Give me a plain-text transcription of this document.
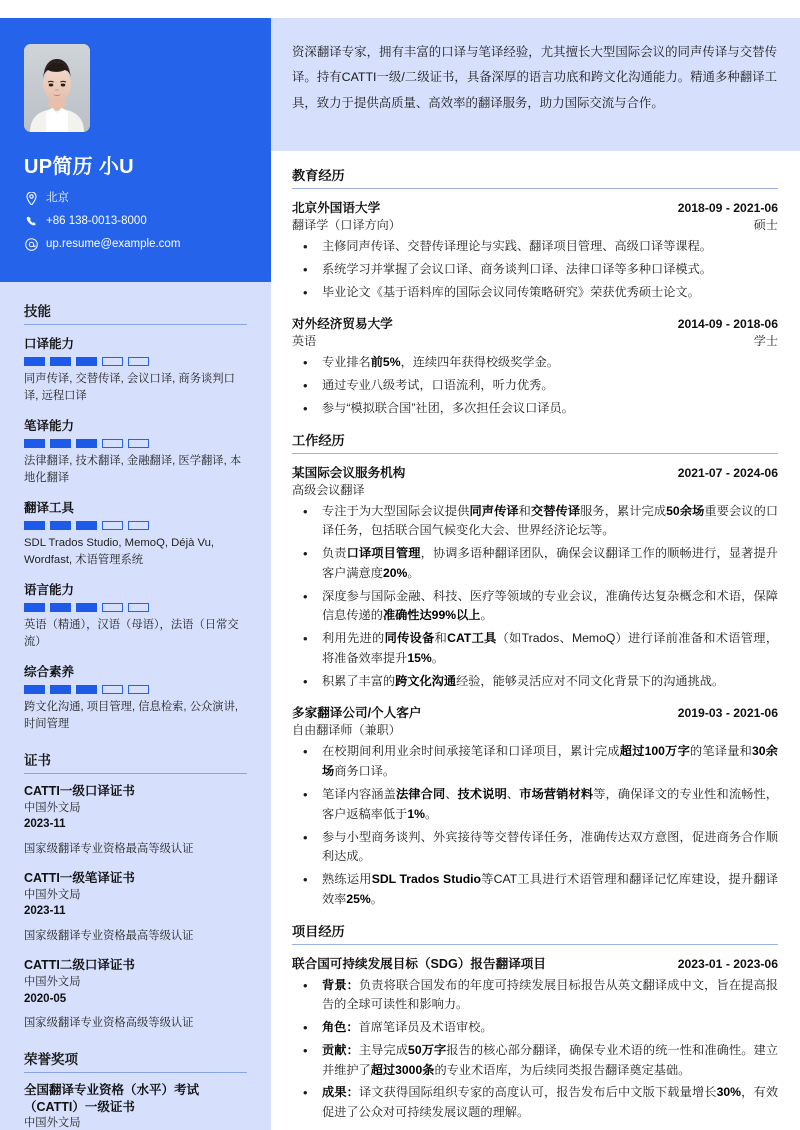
UP简历 小U
北京
+86 138-0013-8000
up.resume@example.com
技能
口译能力
同声传译, 交替传译, 会议口译, 商务谈判口译, 远程口译
笔译能力
法律翻译, 技术翻译, 金融翻译, 医学翻译, 本地化翻译
翻译工具
SDL Trados Studio, MemoQ, Déjà Vu, Wordfast, 术语管理系统
语言能力
英语（精通），汉语（母语），法语（日常交流）
综合素养
跨文化沟通, 项目管理, 信息检索, 公众演讲, 时间管理
证书
CATTI一级口译证书
中国外文局
2023-11
国家级翻译专业资格最高等级认证
CATTI一级笔译证书
中国外文局
2023-11
国家级翻译专业资格最高等级认证
CATTI二级口译证书
中国外文局
2020-05
国家级翻译专业资格高级等级认证
荣誉奖项
全国翻译专业资格（水平）考试（CATTI）一级证书
中国外文局
资深翻译专家，拥有丰富的口译与笔译经验，尤其擅长大型国际会议的同声传译与交替传译。持有CATTI一级/二级证书，具备深厚的语言功底和跨文化沟通能力。精通多种翻译工具，致力于提供高质量、高效率的翻译服务，助力国际交流与合作。
教育经历
北京外国语大学	2018-09 - 2021-06
翻译学（口译方向）	硕士
• 主修同声传译、交替传译理论与实践、翻译项目管理、高级口译等课程。
• 系统学习并掌握了会议口译、商务谈判口译、法律口译等多种口译模式。
• 毕业论文《基于语料库的国际会议同传策略研究》荣获优秀硕士论文。
对外经济贸易大学	2014-09 - 2018-06
英语	学士
• 专业排名前5%，连续四年获得校级奖学金。
• 通过专业八级考试，口语流利，听力优秀。
• 参与“模拟联合国”社团，多次担任会议口译员。
工作经历
某国际会议服务机构	2021-07 - 2024-06
高级会议翻译
• 专注于为大型国际会议提供同声传译和交替传译服务，累计完成50余场重要会议的口译任务，包括联合国气候变化大会、世界经济论坛等。
• 负责口译项目管理，协调多语种翻译团队，确保会议翻译工作的顺畅进行，显著提升客户满意度20%。
• 深度参与国际金融、科技、医疗等领域的专业会议，准确传达复杂概念和术语，保障信息传递的准确性达99%以上。
• 利用先进的同传设备和CAT工具（如Trados、MemoQ）进行译前准备和术语管理，将准备效率提升15%。
• 积累了丰富的跨文化沟通经验，能够灵活应对不同文化背景下的沟通挑战。
多家翻译公司/个人客户	2019-03 - 2021-06
自由翻译师（兼职）
• 在校期间利用业余时间承接笔译和口译项目，累计完成超过100万字的笔译量和30余场商务口译。
• 笔译内容涵盖法律合同、技术说明、市场营销材料等，确保译文的专业性和流畅性，客户返稿率低于1%。
• 参与小型商务谈判、外宾接待等交替传译任务，准确传达双方意图，促进商务合作顺利达成。
• 熟练运用SDL Trados Studio等CAT工具进行术语管理和翻译记忆库建设，提升翻译效率25%。
项目经历
联合国可持续发展目标（SDG）报告翻译项目	2023-01 - 2023-06
• 背景：负责将联合国发布的年度可持续发展目标报告从英文翻译成中文，旨在提高报告的全球可读性和影响力。
• 角色：首席笔译员及术语审校。
• 贡献：主导完成50万字报告的核心部分翻译，确保专业术语的统一性和准确性。建立并维护了超过3000条的专业术语库，为后续同类报告翻译奠定基础。
• 成果：译文获得国际组织专家的高度认可，报告发布后中文版下载量增长30%，有效促进了公众对可持续发展议题的理解。
